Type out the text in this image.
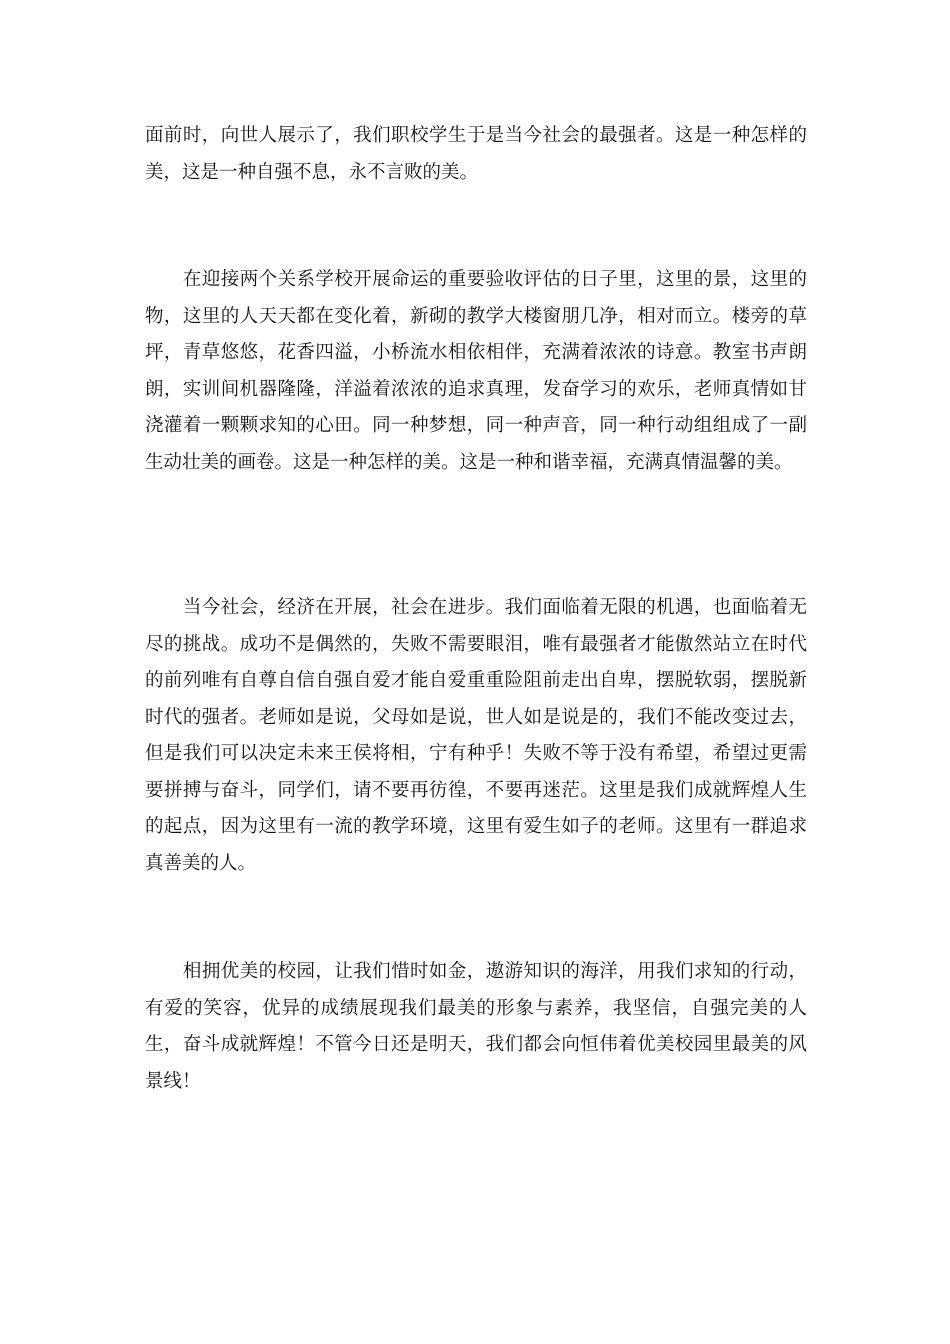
面前时，向世人展示了，我们职校学生于是当今社会的最强者。这是一种怎样的美，这是一种自强不息，永不言败的美。

在迎接两个关系学校开展命运的重要验收评估的日子里，这里的景，这里的物，这里的人天天都在变化着，新砌的教学大楼窗朋几净，相对而立。楼旁的草坪，青草悠悠，花香四溢，小桥流水相依相伴，充满着浓浓的诗意。教室书声朗朗，实训间机器隆隆，洋溢着浓浓的追求真理，发奋学习的欢乐，老师真情如甘浇灌着一颗颗求知的心田。同一种梦想，同一种声音，同一种行动组组成了一副生动壮美的画卷。这是一种怎样的美。这是一种和谐幸福，充满真情温馨的美。

当今社会，经济在开展，社会在进步。我们面临着无限的机遇，也面临着无尽的挑战。成功不是偶然的，失败不需要眼泪，唯有最强者才能傲然站立在时代的前列唯有自尊自信自强自爱才能自爱重重险阻前走出自卑，摆脱软弱，摆脱新时代的强者。老师如是说，父母如是说，世人如是说是的，我们不能改变过去，但是我们可以决定未来王侯将相，宁有种乎！失败不等于没有希望，希望过更需要拼搏与奋斗，同学们，请不要再彷徨，不要再迷茫。这里是我们成就辉煌人生的起点，因为这里有一流的教学环境，这里有爱生如子的老师。这里有一群追求真善美的人。

相拥优美的校园，让我们惜时如金，遨游知识的海洋，用我们求知的行动，有爱的笑容，优异的成绩展现我们最美的形象与素养，我坚信，自强完美的人生，奋斗成就辉煌！不管今日还是明天，我们都会向恒伟着优美校园里最美的风景线！
